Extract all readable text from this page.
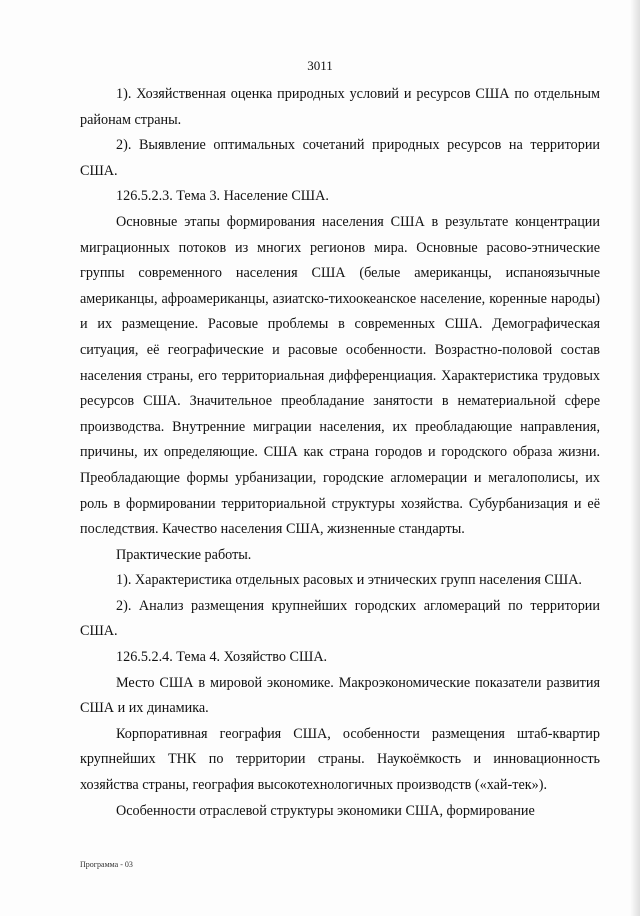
3011

1). Хозяйственная оценка природных условий и ресурсов США по отдельным районам страны.

2). Выявление оптимальных сочетаний природных ресурсов на территории США.

126.5.2.3. Тема 3. Население США.

Основные этапы формирования населения США в результате концентрации миграционных потоков из многих регионов мира. Основные расово-этнические группы современного населения США (белые американцы, испаноязычные американцы, афроамериканцы, азиатско-тихоокеанское население, коренные народы) и их размещение. Расовые проблемы в современных США. Демографическая ситуация, её географические и расовые особенности. Возрастно-половой состав населения страны, его территориальная дифференциация. Характеристика трудовых ресурсов США. Значительное преобладание занятости в нематериальной сфере производства. Внутренние миграции населения, их преобладающие направления, причины, их определяющие. США как страна городов и городского образа жизни. Преобладающие формы урбанизации, городские агломерации и мегалополисы, их роль в формировании территориальной структуры хозяйства. Субурбанизация и её последствия. Качество населения США, жизненные стандарты.

Практические работы.

1). Характеристика отдельных расовых и этнических групп населения США.

2). Анализ размещения крупнейших городских агломераций по территории США.

126.5.2.4. Тема 4. Хозяйство США.

Место США в мировой экономике. Макроэкономические показатели развития США и их динамика.

Корпоративная география США, особенности размещения штаб-квартир крупнейших ТНК по территории страны. Наукоёмкость и инновационность хозяйства страны, география высокотехнологичных производств («хай-тек»).

Особенности отраслевой структуры экономики США, формирование

Программа - 03
